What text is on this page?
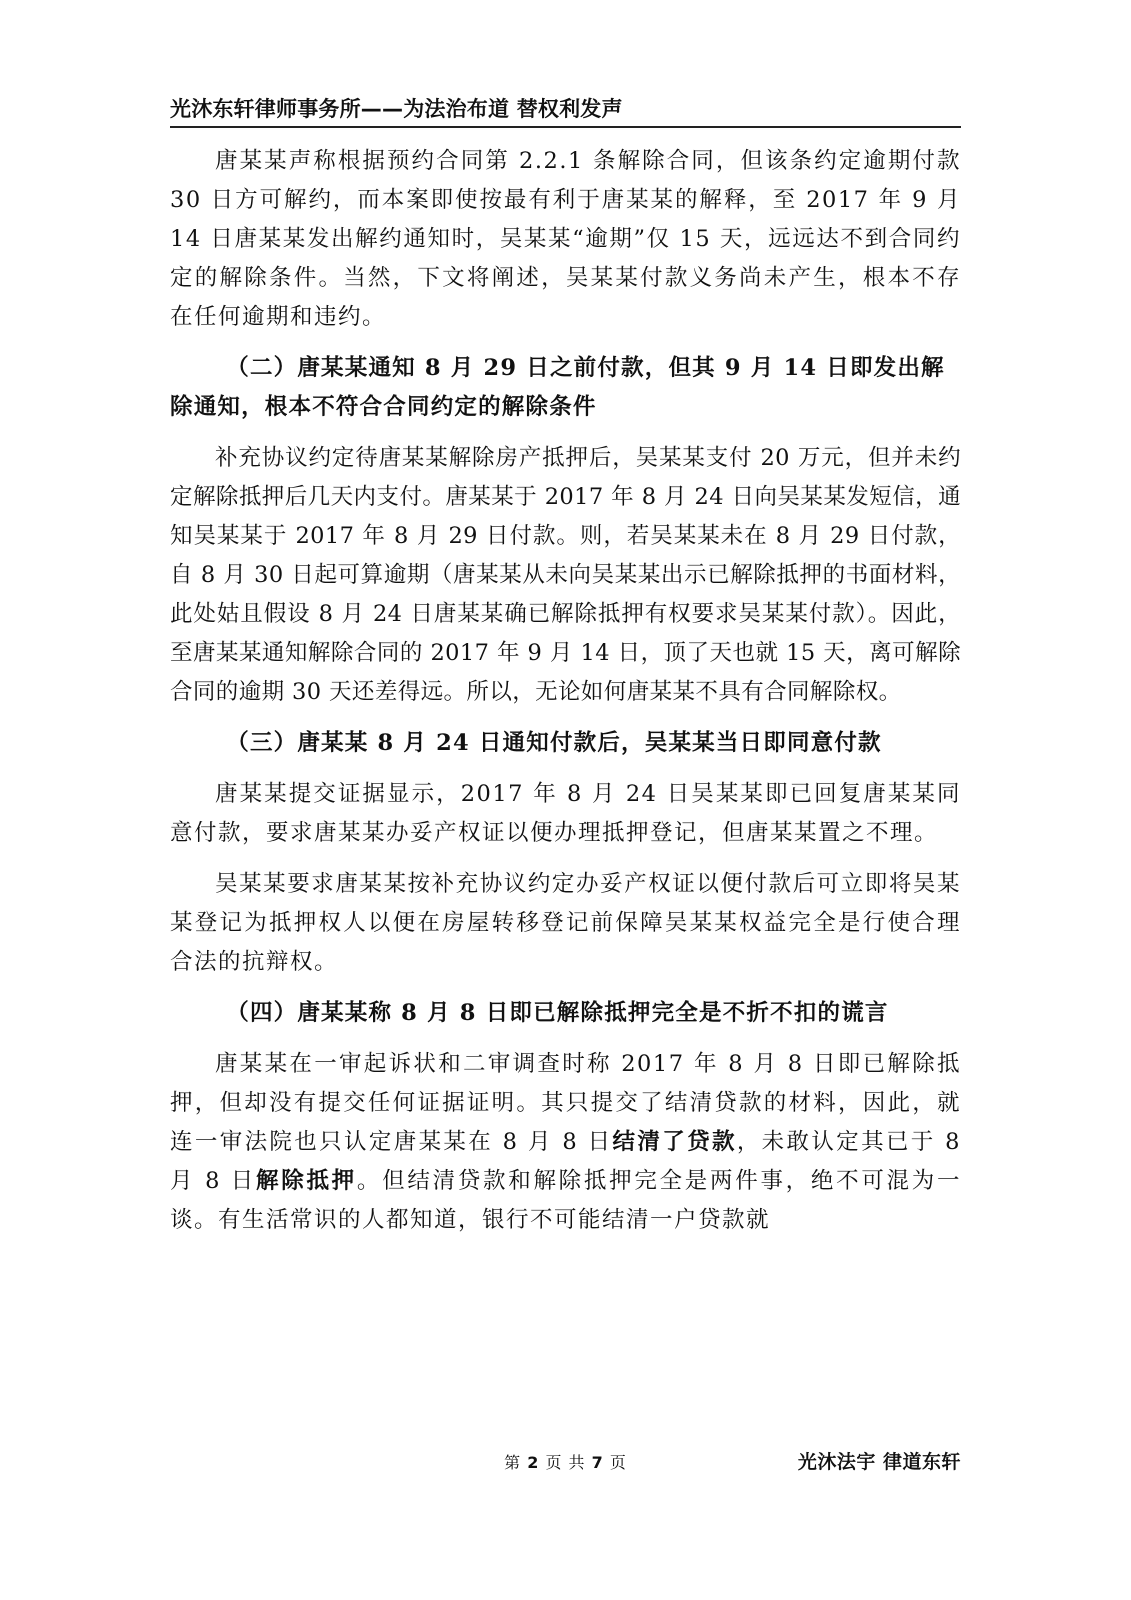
光沐东轩律师事务所——为法治布道 替权利发声

唐某某声称根据预约合同第 2.2.1 条解除合同，但该条约定逾期付款 30 日方可解约，而本案即使按最有利于唐某某的解释，至 2017 年 9 月 14 日唐某某发出解约通知时，吴某某“逾期”仅 15 天，远远达不到合同约定的解除条件。当然，下文将阐述，吴某某付款义务尚未产生，根本不存在任何逾期和违约。

（二）唐某某通知 8 月 29 日之前付款，但其 9 月 14 日即发出解除通知，根本不符合合同约定的解除条件

补充协议约定待唐某某解除房产抵押后，吴某某支付 20 万元，但并未约定解除抵押后几天内支付。唐某某于 2017 年 8 月 24 日向吴某某发短信，通知吴某某于 2017 年 8 月 29 日付款。则，若吴某某未在 8 月 29 日付款，自 8 月 30 日起可算逾期（唐某某从未向吴某某出示已解除抵押的书面材料，此处姑且假设 8 月 24 日唐某某确已解除抵押有权要求吴某某付款）。因此，至唐某某通知解除合同的 2017 年 9 月 14 日，顶了天也就 15 天，离可解除合同的逾期 30 天还差得远。所以，无论如何唐某某不具有合同解除权。

（三）唐某某 8 月 24 日通知付款后，吴某某当日即同意付款

唐某某提交证据显示，2017 年 8 月 24 日吴某某即已回复唐某某同意付款，要求唐某某办妥产权证以便办理抵押登记，但唐某某置之不理。

吴某某要求唐某某按补充协议约定办妥产权证以便付款后可立即将吴某某登记为抵押权人以便在房屋转移登记前保障吴某某权益完全是行使合理合法的抗辩权。

（四）唐某某称 8 月 8 日即已解除抵押完全是不折不扣的谎言

唐某某在一审起诉状和二审调查时称 2017 年 8 月 8 日即已解除抵押，但却没有提交任何证据证明。其只提交了结清贷款的材料，因此，就连一审法院也只认定唐某某在 8 月 8 日结清了贷款，未敢认定其已于 8 月 8 日解除抵押。但结清贷款和解除抵押完全是两件事，绝不可混为一谈。有生活常识的人都知道，银行不可能结清一户贷款就

第 2 页 共 7 页	光沐法宇 律道东轩
